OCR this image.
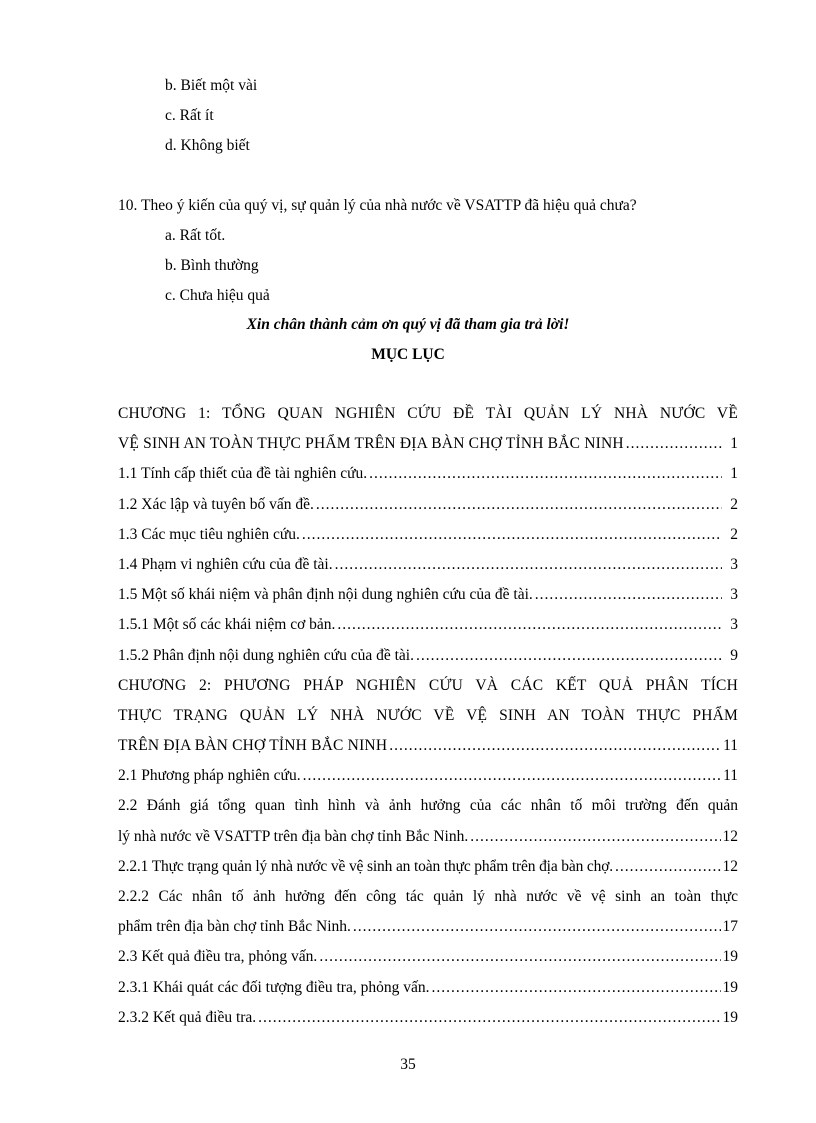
b. Biết một vài
c. Rất ít
d. Không biết
10. Theo ý kiến của quý vị, sự quản lý của nhà nước về VSATTP đã hiệu quả chưa?
a. Rất tốt.
b. Bình thường
c. Chưa hiệu quả
Xin chân thành cảm ơn quý vị đã tham gia trả lời!
MỤC LỤC
CHƯƠNG 1: TỔNG QUAN NGHIÊN CỨU ĐỀ TÀI QUẢN LÝ NHÀ NƯỚC VỀ
VỆ SINH AN TOÀN THỰC PHẨM TRÊN ĐỊA BÀN CHỢ TỈNH BẮC NINH .....	1
1.1 Tính cấp thiết của đề tài nghiên cứu. .....	1
1.2 Xác lập và tuyên bố vấn đề. .....	2
1.3 Các mục tiêu nghiên cứu. .....	2
1.4 Phạm vi nghiên cứu của đề tài. .....	3
1.5 Một số khái niệm và phân định nội dung nghiên cứu của đề tài. .....	3
1.5.1 Một số các khái niệm cơ bản. .....	3
1.5.2 Phân định nội dung nghiên cứu của đề tài. .....	9
CHƯƠNG 2: PHƯƠNG PHÁP NGHIÊN CỨU VÀ CÁC KẾT QUẢ PHÂN TÍCH
THỰC TRẠNG QUẢN LÝ NHÀ NƯỚC VỀ VỆ SINH AN TOÀN THỰC PHẨM
TRÊN ĐỊA BÀN CHỢ TỈNH BẮC NINH .....	11
2.1 Phương pháp nghiên cứu. .....	11
2.2 Đánh giá tổng quan tình hình và ảnh hưởng của các nhân tố môi trường đến quản
lý nhà nước về VSATTP trên địa bàn chợ tỉnh Bắc Ninh. .....	12
2.2.1 Thực trạng quản lý nhà nước về vệ sinh an toàn thực phẩm trên địa bàn chợ. .....	12
2.2.2 Các nhân tố ảnh hưởng đến công tác quản lý nhà nước về vệ sinh an toàn thực
phẩm trên địa bàn chợ tỉnh Bắc Ninh. .....	17
2.3 Kết quả điều tra, phỏng vấn. .....	19
2.3.1 Khái quát các đối tượng điều tra, phỏng vấn. .....	19
2.3.2 Kết quả điều tra. .....	19
35
